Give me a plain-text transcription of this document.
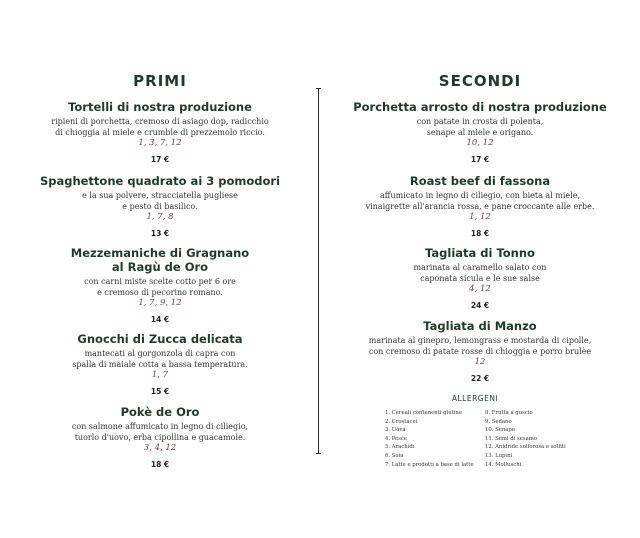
PRIMI
Tortelli di nostra produzione
ripieni di porchetta, cremoso di asiago dop, radicchio
di chioggia al miele e crumble di prezzemolo riccio.
1, 3, 7, 12
17 €
Spaghettone quadrato ai 3 pomodori
e la sua polvere, stracciatella pugliese
e pesto di basilico.
1, 7, 8
13 €
Mezzemaniche di Gragnano
al Ragù de Oro
con carni miste scelte cotto per 6 ore
e cremoso di pecorino romano.
1, 7, 9, 12
14 €
Gnocchi di Zucca delicata
mantecati al gorgonzola di capra con
spalla di maiale cotta a bassa temperatura.
1, 7
15 €
Pokè de Oro
con salmone affumicato in legno di ciliegio,
tuorlo d'uovo, erba cipollina e guacamole.
3, 4, 12
18 €
SECONDI
Porchetta arrosto di nostra produzione
con patate in crosta di polenta,
senape al miele e origano.
10, 12
17 €
Roast beef di fassona
affumicato in legno di ciliegio, con bieta al miele,
vinaigrette all'arancia rossa, e pane croccante alle erbe.
1, 12
18 €
Tagliata di Tonno
marinata al caramello salato con
caponata sicula e le sue salse
4, 12
24 €
Tagliata di Manzo
marinata al ginepro, lemongrass e mostarda di cipolle,
con cremoso di patate rosse di chioggia e porro brulèe
12
22 €
ALLERGENI
1. Cereali contenenti glutine
2. Crostacei
3. Uova
4. Pesce
5. Arachidi
6. Soia
7. Latte e prodotti a base di latte
8. Frutta a guscio
9. Sedano
10. Senape
11. Semi di sesamo
12. Anidride solforosa e solfiti
13. Lupini
14. Molluschi
